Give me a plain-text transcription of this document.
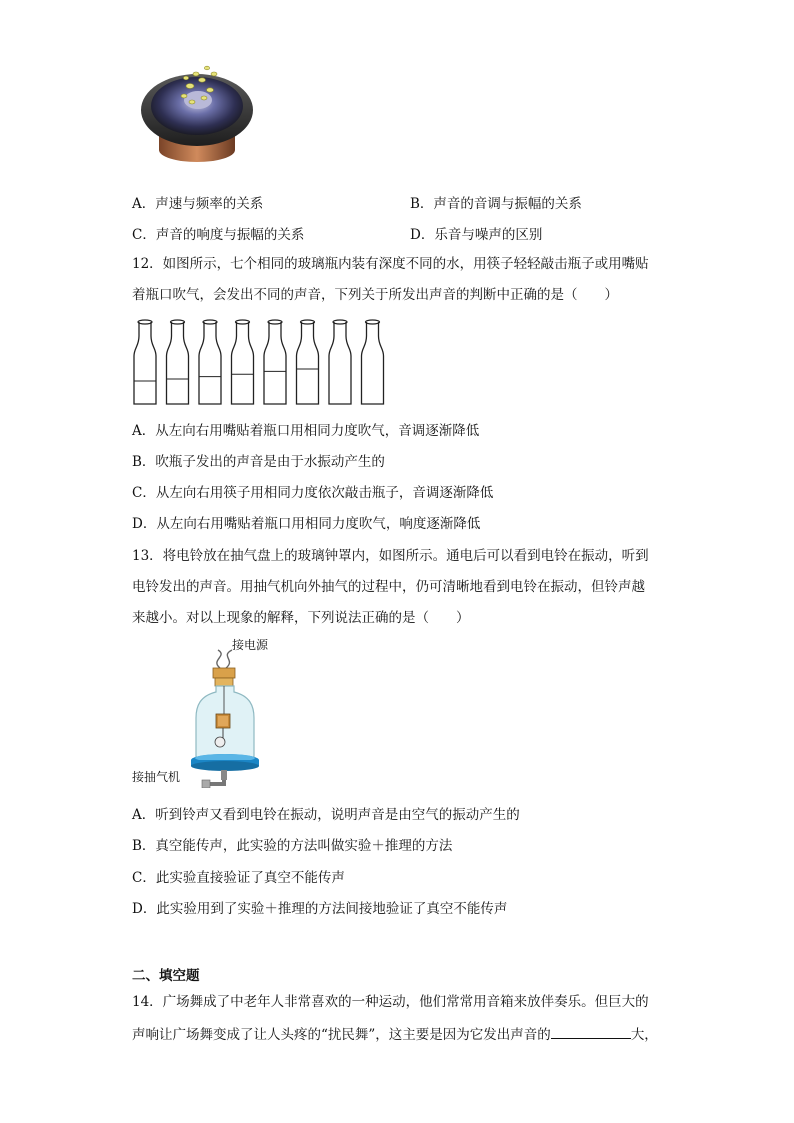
A．声速与频率的关系	B．声音的音调与振幅的关系
C．声音的响度与振幅的关系	D．乐音与噪声的区别
12．如图所示，七个相同的玻璃瓶内装有深度不同的水，用筷子轻轻敲击瓶子或用嘴贴
着瓶口吹气，会发出不同的声音，下列关于所发出声音的判断中正确的是（　　）
A．从左向右用嘴贴着瓶口用相同力度吹气，音调逐渐降低
B．吹瓶子发出的声音是由于水振动产生的
C．从左向右用筷子用相同力度依次敲击瓶子，音调逐渐降低
D．从左向右用嘴贴着瓶口用相同力度吹气，响度逐渐降低
13．将电铃放在抽气盘上的玻璃钟罩内，如图所示。通电后可以看到电铃在振动，听到
电铃发出的声音。用抽气机向外抽气的过程中，仍可清晰地看到电铃在振动，但铃声越
来越小。对以上现象的解释，下列说法正确的是（　　）
接电源
接抽气机
A．听到铃声又看到电铃在振动，说明声音是由空气的振动产生的
B．真空能传声，此实验的方法叫做实验＋推理的方法
C．此实验直接验证了真空不能传声
D．此实验用到了实验＋推理的方法间接地验证了真空不能传声
二、填空题
14．广场舞成了中老年人非常喜欢的一种运动，他们常常用音箱来放伴奏乐。但巨大的
声响让广场舞变成了让人头疼的“扰民舞”，这主要是因为它发出声音的	大，
